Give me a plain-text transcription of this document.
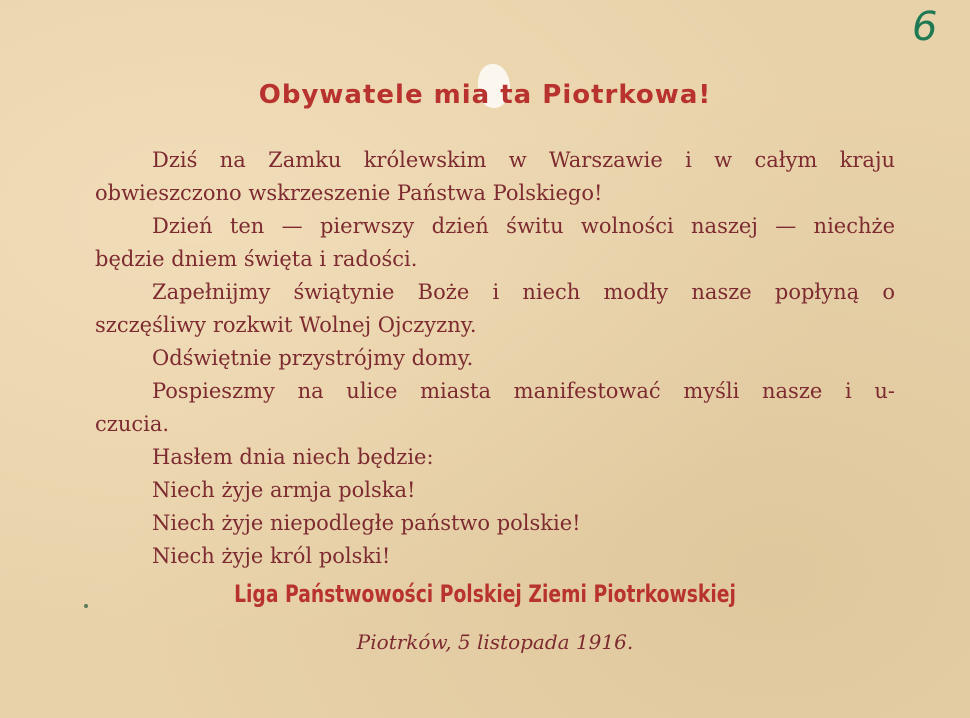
6
Obywatele mia ta Piotrkowa!
Dziś na Zamku królewskim w Warszawie i w całym kraju
obwieszczono wskrzeszenie Państwa Polskiego!
Dzień ten — pierwszy dzień świtu wolności naszej — niechże
będzie dniem święta i radości.
Zapełnijmy świątynie Boże i niech modły nasze popłyną o
szczęśliwy rozkwit Wolnej Ojczyzny.
Odświętnie przystrójmy domy.
Pospieszmy na ulice miasta manifestować myśli nasze i u-
czucia.
Hasłem dnia niech będzie:
Niech żyje armja polska!
Niech żyje niepodległe państwo polskie!
Niech żyje król polski!
Liga Państwowości Polskiej Ziemi Piotrkowskiej
Piotrków, 5 listopada 1916.
